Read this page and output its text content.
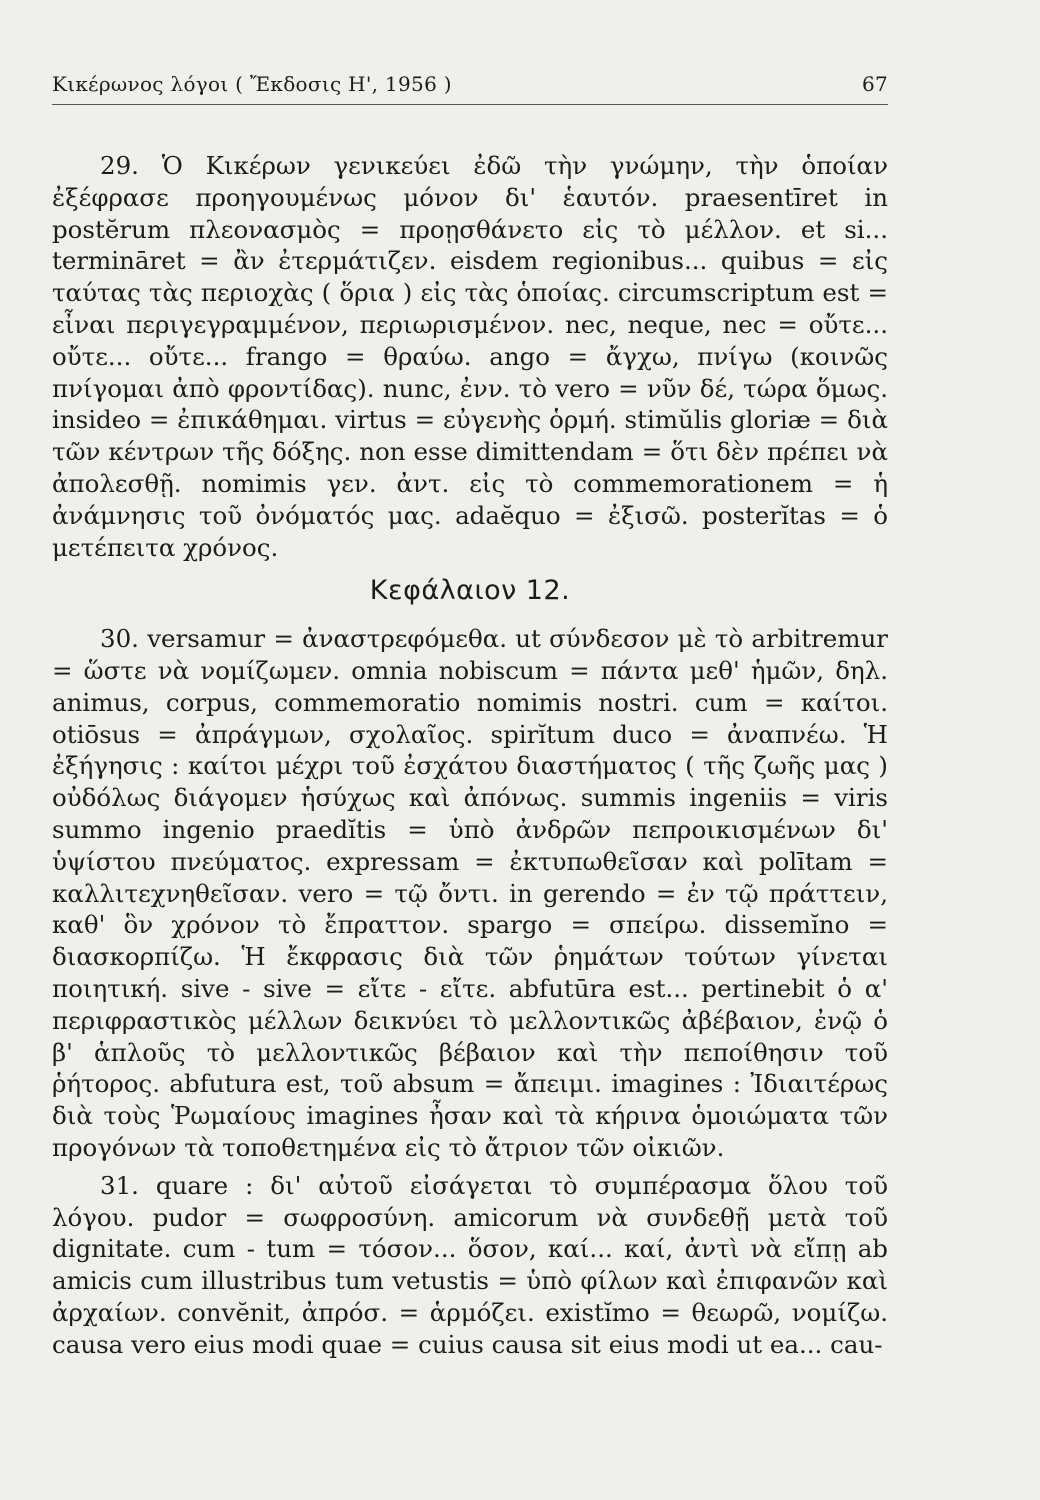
Κικέρωνος λόγοι ( Ἔκδοσις Η', 1956 )	67

29. Ὁ Κικέρων γενικεύει ἐδῶ τὴν γνώμην, τὴν ὁποίαν ἐξέφρασε προηγουμένως μόνον δι' ἑαυτόν. praesentīret in postĕrum πλεονασμὸς = προῃσθάνετο εἰς τὸ μέλλον. et si... termināret = ἂν ἐτερμάτιζεν. eisdem regionibus... quibus = εἰς ταύτας τὰς περιοχὰς ( ὅρια ) εἰς τὰς ὁποίας. circumscriptum est = εἶναι περιγεγραμμένον, περιωρισμένον. nec, neque, nec = οὔτε... οὔτε... οὔτε... frango = θραύω. ango = ἄγχω, πνίγω (κοινῶς πνίγομαι ἀπὸ φροντίδας). nunc, ἐνν. τὸ vero = νῦν δέ, τώρα ὅμως. insideo = ἐπικάθημαι. virtus = εὐγενὴς ὁρμή. stimŭlis gloriæ = διὰ τῶν κέντρων τῆς δόξης. non esse dimittendam = ὅτι δὲν πρέπει νὰ ἀπολεσθῇ. nomimis γεν. ἀντ. εἰς τὸ commemorationem = ἡ ἀνάμνησις τοῦ ὀνόματός μας. adaĕquo = ἐξισῶ. posterĭtas = ὁ μετέπειτα χρόνος.

Κεφάλαιον 12.

30. versamur = ἀναστρεφόμεθα. ut σύνδεσον μὲ τὸ arbitremur = ὥστε νὰ νομίζωμεν. omnia nobiscum = πάντα μεθ' ἡμῶν, δηλ. animus, corpus, commemoratio nomimis nostri. cum = καίτοι. otiōsus = ἀπράγμων, σχολαῖος. spirĭtum duco = ἀναπνέω. Ἡ ἐξήγησις : καίτοι μέχρι τοῦ ἐσχάτου διαστήματος ( τῆς ζωῆς μας ) οὐδόλως διάγομεν ἡσύχως καὶ ἀπόνως. summis ingeniis = viris summo ingenio praedĭtis = ὑπὸ ἀνδρῶν πεπροικισμένων δι' ὑψίστου πνεύματος. expressam = ἐκτυπωθεῖσαν καὶ polītam = καλλιτεχνηθεῖσαν. vero = τῷ ὄντι. in gerendo = ἐν τῷ πράττειν, καθ' ὃν χρόνον τὸ ἔπραττον. spargo = σπείρω. dissemĭno = διασκορπίζω. Ἡ ἔκφρασις διὰ τῶν ῥημάτων τούτων γίνεται ποιητική. sive - sive = εἴτε - εἴτε. abfutūra est... pertinebit ὁ α' περιφραστικὸς μέλλων δεικνύει τὸ μελλοντικῶς ἀβέβαιον, ἐνῷ ὁ β' ἁπλοῦς τὸ μελλοντικῶς βέβαιον καὶ τὴν πεποίθησιν τοῦ ῥήτορος. abfutura est, τοῦ absum = ἄπειμι. imagines : Ἰδιαιτέρως διὰ τοὺς Ῥωμαίους imagines ἦσαν καὶ τὰ κήρινα ὁμοιώματα τῶν προγόνων τὰ τοποθετημένα εἰς τὸ ἄτριον τῶν οἰκιῶν.

31. quare : δι' αὐτοῦ εἰσάγεται τὸ συμπέρασμα ὅλου τοῦ λόγου. pudor = σωφροσύνη. amicorum νὰ συνδεθῇ μετὰ τοῦ dignitate. cum - tum = τόσον... ὅσον, καί... καί, ἀντὶ νὰ εἴπῃ ab amicis cum illustribus tum vetustis = ὑπὸ φίλων καὶ ἐπιφανῶν καὶ ἀρχαίων. convĕnit, ἀπρόσ. = ἁρμόζει. existĭmo = θεωρῶ, νομίζω. causa vero eius modi quae = cuius causa sit eius modi ut ea... cau-
